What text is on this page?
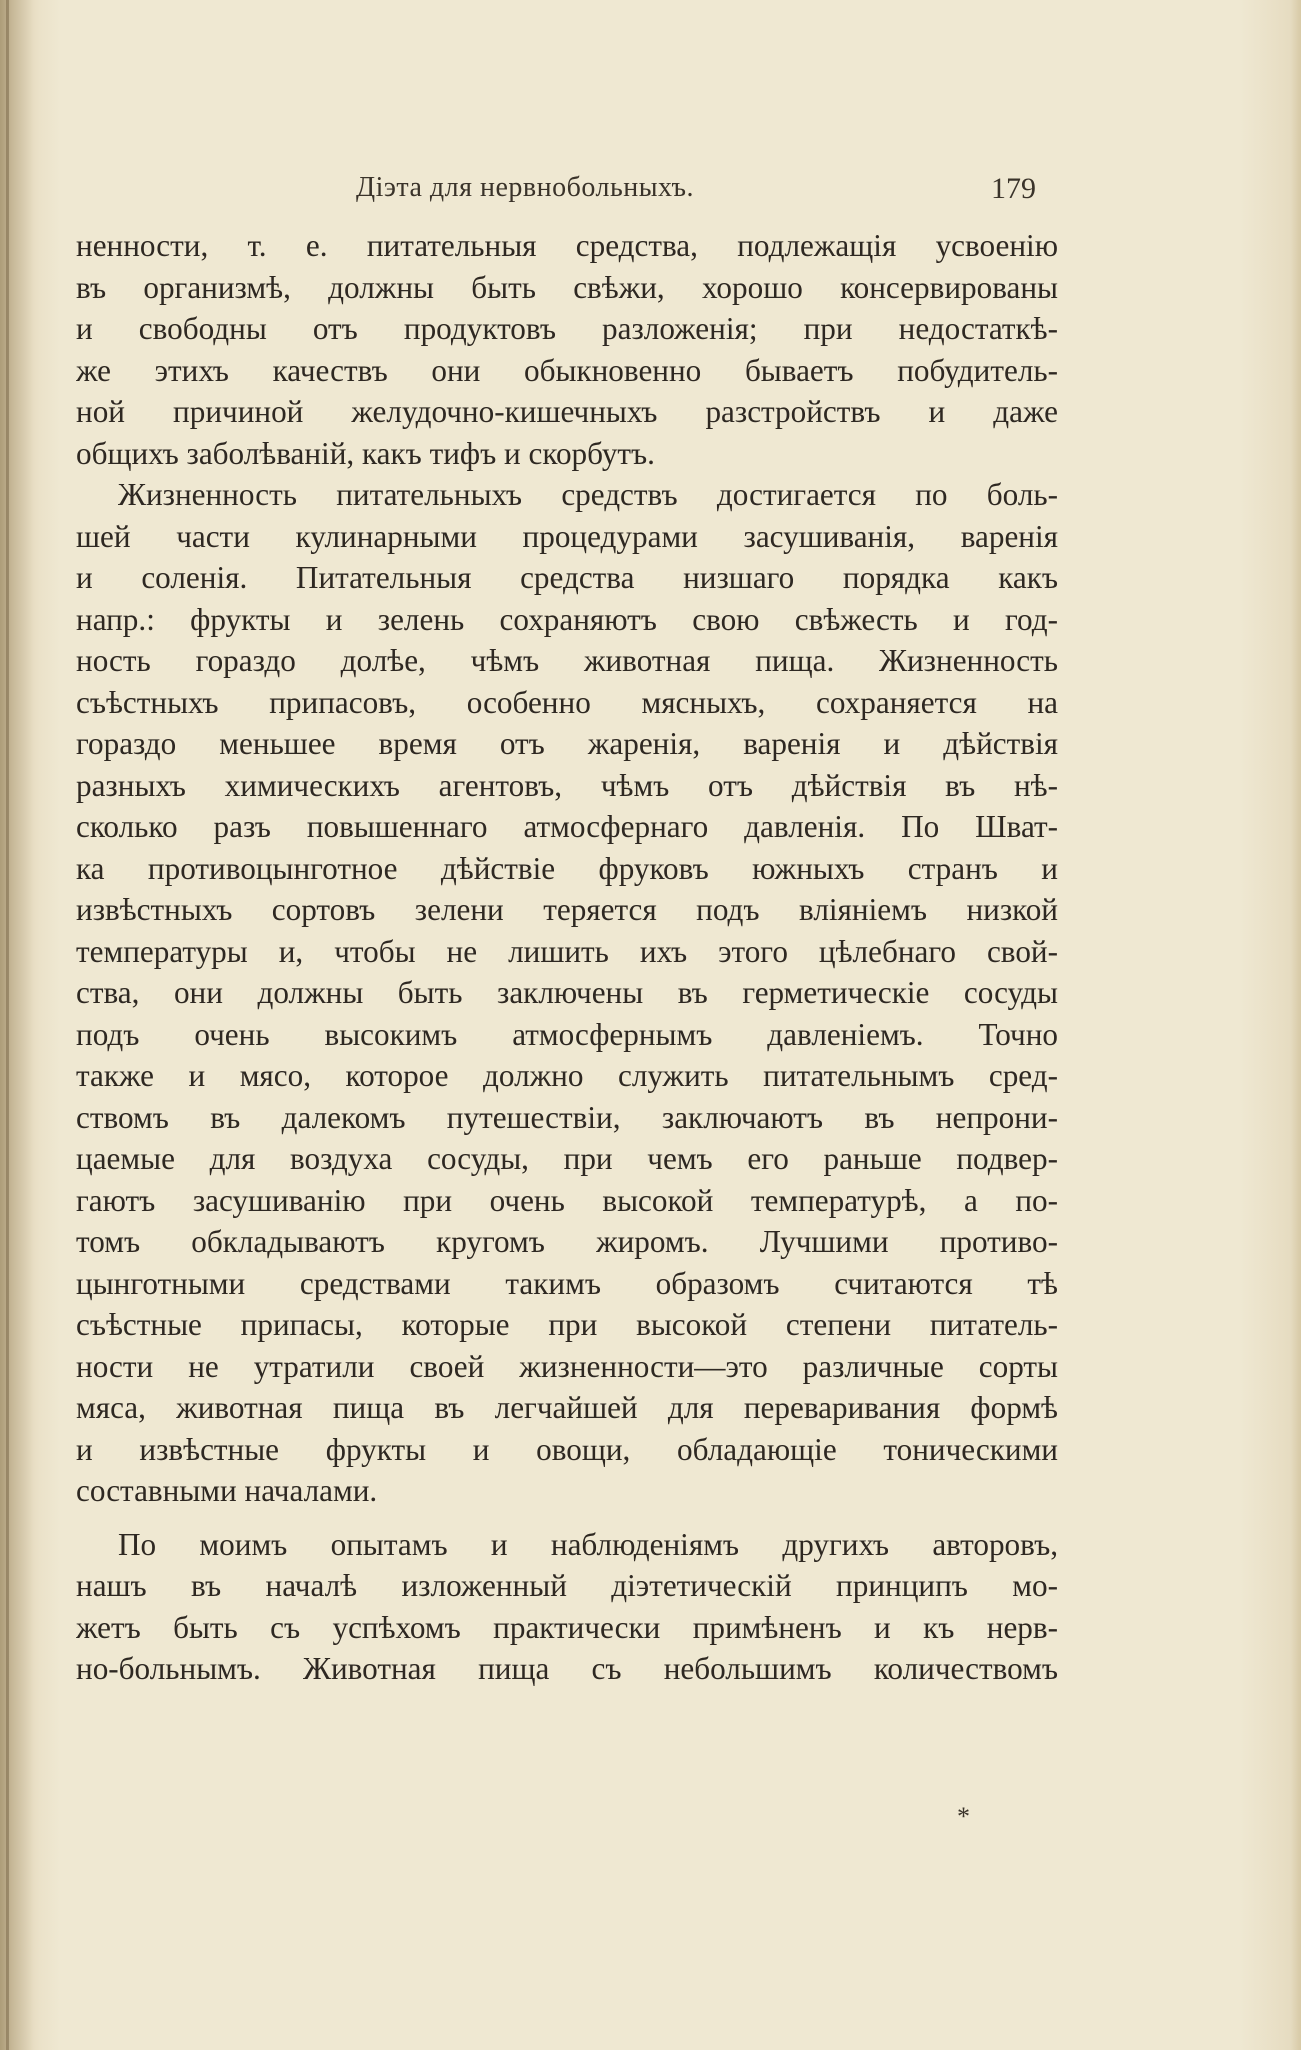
Діэта для нервнобольныхъ.	179
ненности, т. е. питательныя средства, подлежащія усвоенію
въ организмѣ, должны быть свѣжи, хорошо консервированы
и свободны отъ продуктовъ разложенія; при недостаткѣ-
же этихъ качествъ они обыкновенно бываетъ побудитель-
ной причиной желудочно-кишечныхъ разстройствъ и даже
общихъ заболѣваній, какъ тифъ и скорбутъ.
Жизненность питательныхъ средствъ достигается по боль-
шей части кулинарными процедурами засушиванія, варенія
и соленія. Питательныя средства низшаго порядка какъ
напр.: фрукты и зелень сохраняютъ свою свѣжесть и год-
ность гораздо долѣе, чѣмъ животная пища. Жизненность
съѣстныхъ припасовъ, особенно мясныхъ, сохраняется на
гораздо меньшее время отъ жаренія, варенія и дѣйствія
разныхъ химическихъ агентовъ, чѣмъ отъ дѣйствія въ нѣ-
сколько разъ повышеннаго атмосфернаго давленія. По Шват-
ка противоцынготное дѣйствіе фруковъ южныхъ странъ и
извѣстныхъ сортовъ зелени теряется подъ вліяніемъ низкой
температуры и, чтобы не лишить ихъ этого цѣлебнаго свой-
ства, они должны быть заключены въ герметическіе сосуды
подъ очень высокимъ атмосфернымъ давленіемъ. Точно
также и мясо, которое должно служить питательнымъ сред-
ствомъ въ далекомъ путешествіи, заключаютъ въ непрони-
цаемые для воздуха сосуды, при чемъ его раньше подвер-
гаютъ засушиванію при очень высокой температурѣ, а по-
томъ обкладываютъ кругомъ жиромъ. Лучшими противо-
цынготными средствами такимъ образомъ считаются тѣ
съѣстные припасы, которые при высокой степени питатель-
ности не утратили своей жизненности—это различные сорты
мяса, животная пища въ легчайшей для переваривания формѣ
и извѣстные фрукты и овощи, обладающіе тоническими
составными началами.
По моимъ опытамъ и наблюденіямъ другихъ авторовъ,
нашъ въ началѣ изложенный діэтетическій принципъ мо-
жетъ быть съ успѣхомъ практически примѣненъ и къ нерв-
но-больнымъ. Животная пища съ небольшимъ количествомъ
*
